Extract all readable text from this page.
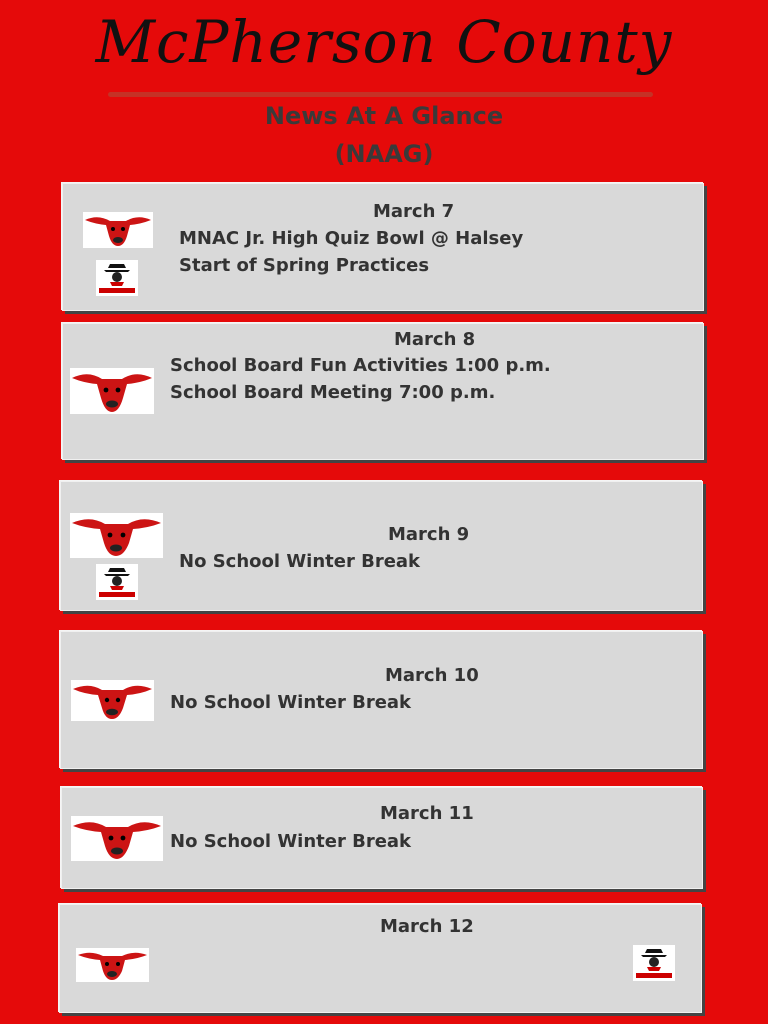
McPherson County
News At A Glance
(NAAG)
March 7
MNAC Jr. High Quiz Bowl @ Halsey
Start of Spring Practices
March 8
School Board Fun Activities 1:00 p.m.
School Board Meeting 7:00 p.m.
March 9
No School Winter Break
March 10
No School Winter Break
March 11
No School Winter Break
March 12
